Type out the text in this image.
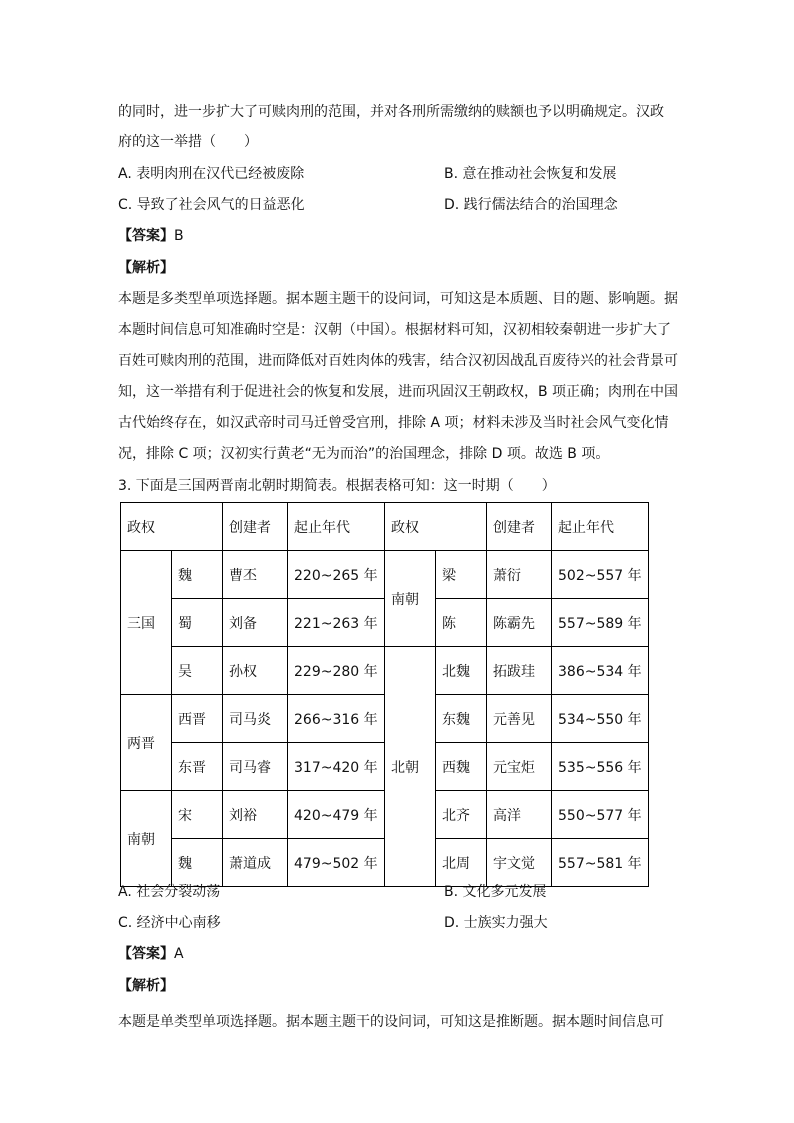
的同时，进一步扩大了可赎肉刑的范围，并对各刑所需缴纳的赎额也予以明确规定。汉政
府的这一举措（　　）
A. 表明肉刑在汉代已经被废除	B. 意在推动社会恢复和发展
C. 导致了社会风气的日益恶化	D. 践行儒法结合的治国理念
【答案】B
【解析】
本题是多类型单项选择题。据本题主题干的设问词，可知这是本质题、目的题、影响题。据
本题时间信息可知准确时空是：汉朝（中国）。根据材料可知，汉初相较秦朝进一步扩大了
百姓可赎肉刑的范围，进而降低对百姓肉体的残害，结合汉初因战乱百废待兴的社会背景可
知，这一举措有利于促进社会的恢复和发展，进而巩固汉王朝政权，B 项正确；肉刑在中国
古代始终存在，如汉武帝时司马迁曾受宫刑，排除 A 项；材料未涉及当时社会风气变化情
况，排除 C 项；汉初实行黄老“无为而治”的治国理念，排除 D 项。故选 B 项。
3. 下面是三国两晋南北朝时期简表。根据表格可知：这一时期（　　）
政权		创建者	起止年代	政权		创建者	起止年代
三国	魏	曹丕	220~265 年	南朝	梁	萧衍	502~557 年
	蜀	刘备	221~263 年		陈	陈霸先	557~589 年
	吴	孙权	229~280 年	北朝	北魏	拓跋珪	386~534 年
两晋	西晋	司马炎	266~316 年		东魏	元善见	534~550 年
	东晋	司马睿	317~420 年		西魏	元宝炬	535~556 年
南朝	宋	刘裕	420~479 年		北齐	高洋	550~577 年
	魏	萧道成	479~502 年		北周	宇文觉	557~581 年
A. 社会分裂动荡	B. 文化多元发展
C. 经济中心南移	D. 士族实力强大
【答案】A
【解析】
本题是单类型单项选择题。据本题主题干的设问词，可知这是推断题。据本题时间信息可
